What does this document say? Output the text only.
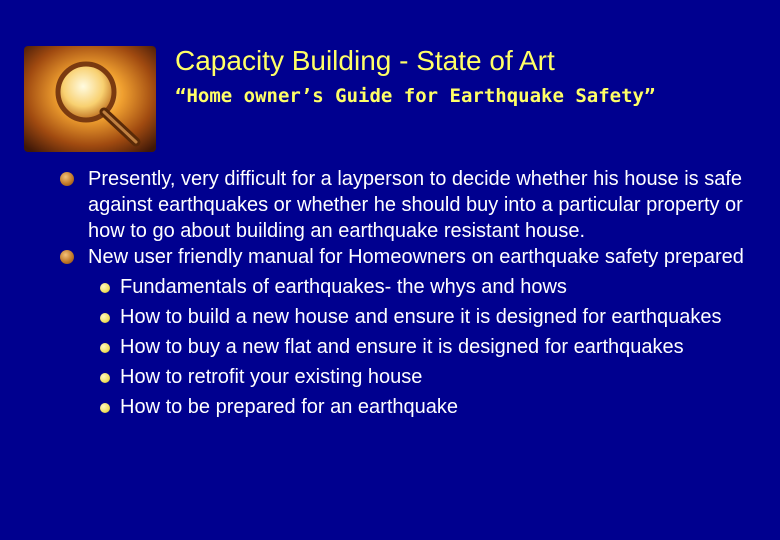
Capacity Building - State of Art
“Home owner’s Guide for Earthquake Safety”
Presently, very difficult for a layperson to decide whether his house is safe against earthquakes or whether he should buy into a particular property or how to go about building an earthquake resistant house.
New user friendly manual for Homeowners on earthquake safety prepared
Fundamentals of earthquakes- the whys and hows
How to build a new house and ensure it is designed for earthquakes
How to buy a new flat and ensure it is designed for earthquakes
How to retrofit your existing house
How to be prepared for an earthquake
